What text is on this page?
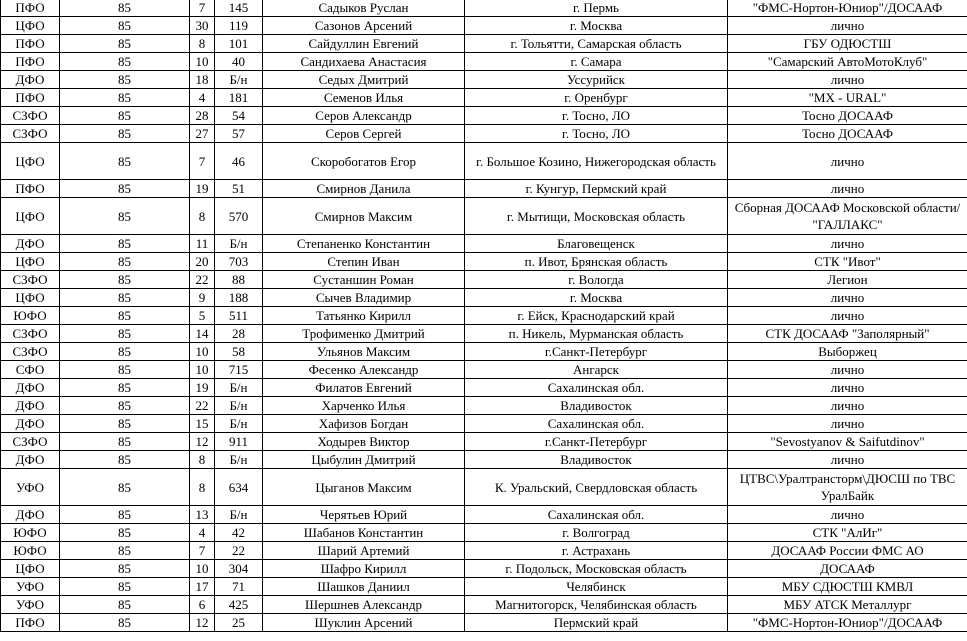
ПФО	85	7	145	Садыков Руслан	г. Пермь	"ФМС-Нортон-Юниор"/ДОСААФ
ЦФО	85	30	119	Сазонов Арсений	г. Москва	лично
ПФО	85	8	101	Сайдуллин Евгений	г. Тольятти, Самарская область	ГБУ ОДЮСТШ
ПФО	85	10	40	Сандихаева Анастасия	г. Самара	"Самарский АвтоМотоКлуб"
ДФО	85	18	Б/н	Седых Дмитрий	Уссурийск	лично
ПФО	85	4	181	Семенов Илья	г. Оренбург	"MX - URAL"
СЗФО	85	28	54	Серов Александр	г. Тосно, ЛО	Тосно ДОСААФ
СЗФО	85	27	57	Серов Сергей	г. Тосно, ЛО	Тосно ДОСААФ
ЦФО	85	7	46	Скоробогатов Егор	г. Большое Козино, Нижегородская область	лично
ПФО	85	19	51	Смирнов Данила	г. Кунгур, Пермский край	лично
ЦФО	85	8	570	Смирнов Максим	г. Мытищи, Московская область	Сборная ДОСААФ Московской области/ "ГАЛЛАКС"
ДФО	85	11	Б/н	Степаненко Константин	Благовещенск	лично
ЦФО	85	20	703	Степин Иван	п. Ивот, Брянская область	СТК "Ивот"
СЗФО	85	22	88	Сустаншин Роман	г. Вологда	Легион
ЦФО	85	9	188	Сычев Владимир	г. Москва	лично
ЮФО	85	5	511	Татьянко Кирилл	г. Ейск, Краснодарский край	лично
СЗФО	85	14	28	Трофименко Дмитрий	п. Никель, Мурманская область	СТК ДОСААФ "Заполярный"
СЗФО	85	10	58	Ульянов Максим	г.Санкт-Петербург	Выборжец
СФО	85	10	715	Фесенко Александр	Ангарск	лично
ДФО	85	19	Б/н	Филатов Евгений	Сахалинская обл.	лично
ДФО	85	22	Б/н	Харченко Илья	Владивосток	лично
ДФО	85	15	Б/н	Хафизов Богдан	Сахалинская обл.	лично
СЗФО	85	12	911	Ходырев Виктор	г.Санкт-Петербург	"Sevostyanov & Saifutdinov"
ДФО	85	8	Б/н	Цыбулин Дмитрий	Владивосток	лично
УФО	85	8	634	Цыганов Максим	К. Уральский, Свердловская область	ЦТВС\Уралтрансторм\ДЮСШ по ТВС УралБайк
ДФО	85	13	Б/н	Черятьев Юрий	Сахалинская обл.	лично
ЮФО	85	4	42	Шабанов Константин	г. Волгоград	СТК "АлИг"
ЮФО	85	7	22	Шарий Артемий	г. Астрахань	ДОСААФ России ФМС АО
ЦФО	85	10	304	Шафро Кирилл	г. Подольск, Московская область	ДОСААФ
УФО	85	17	71	Шашков Даниил	Челябинск	МБУ СДЮСТШ КМВЛ
УФО	85	6	425	Шершнев Александр	Магнитогорск, Челябинская область	МБУ АТСК Металлург
ПФО	85	12	25	Шуклин Арсений	Пермский край	"ФМС-Нортон-Юниор"/ДОСААФ
